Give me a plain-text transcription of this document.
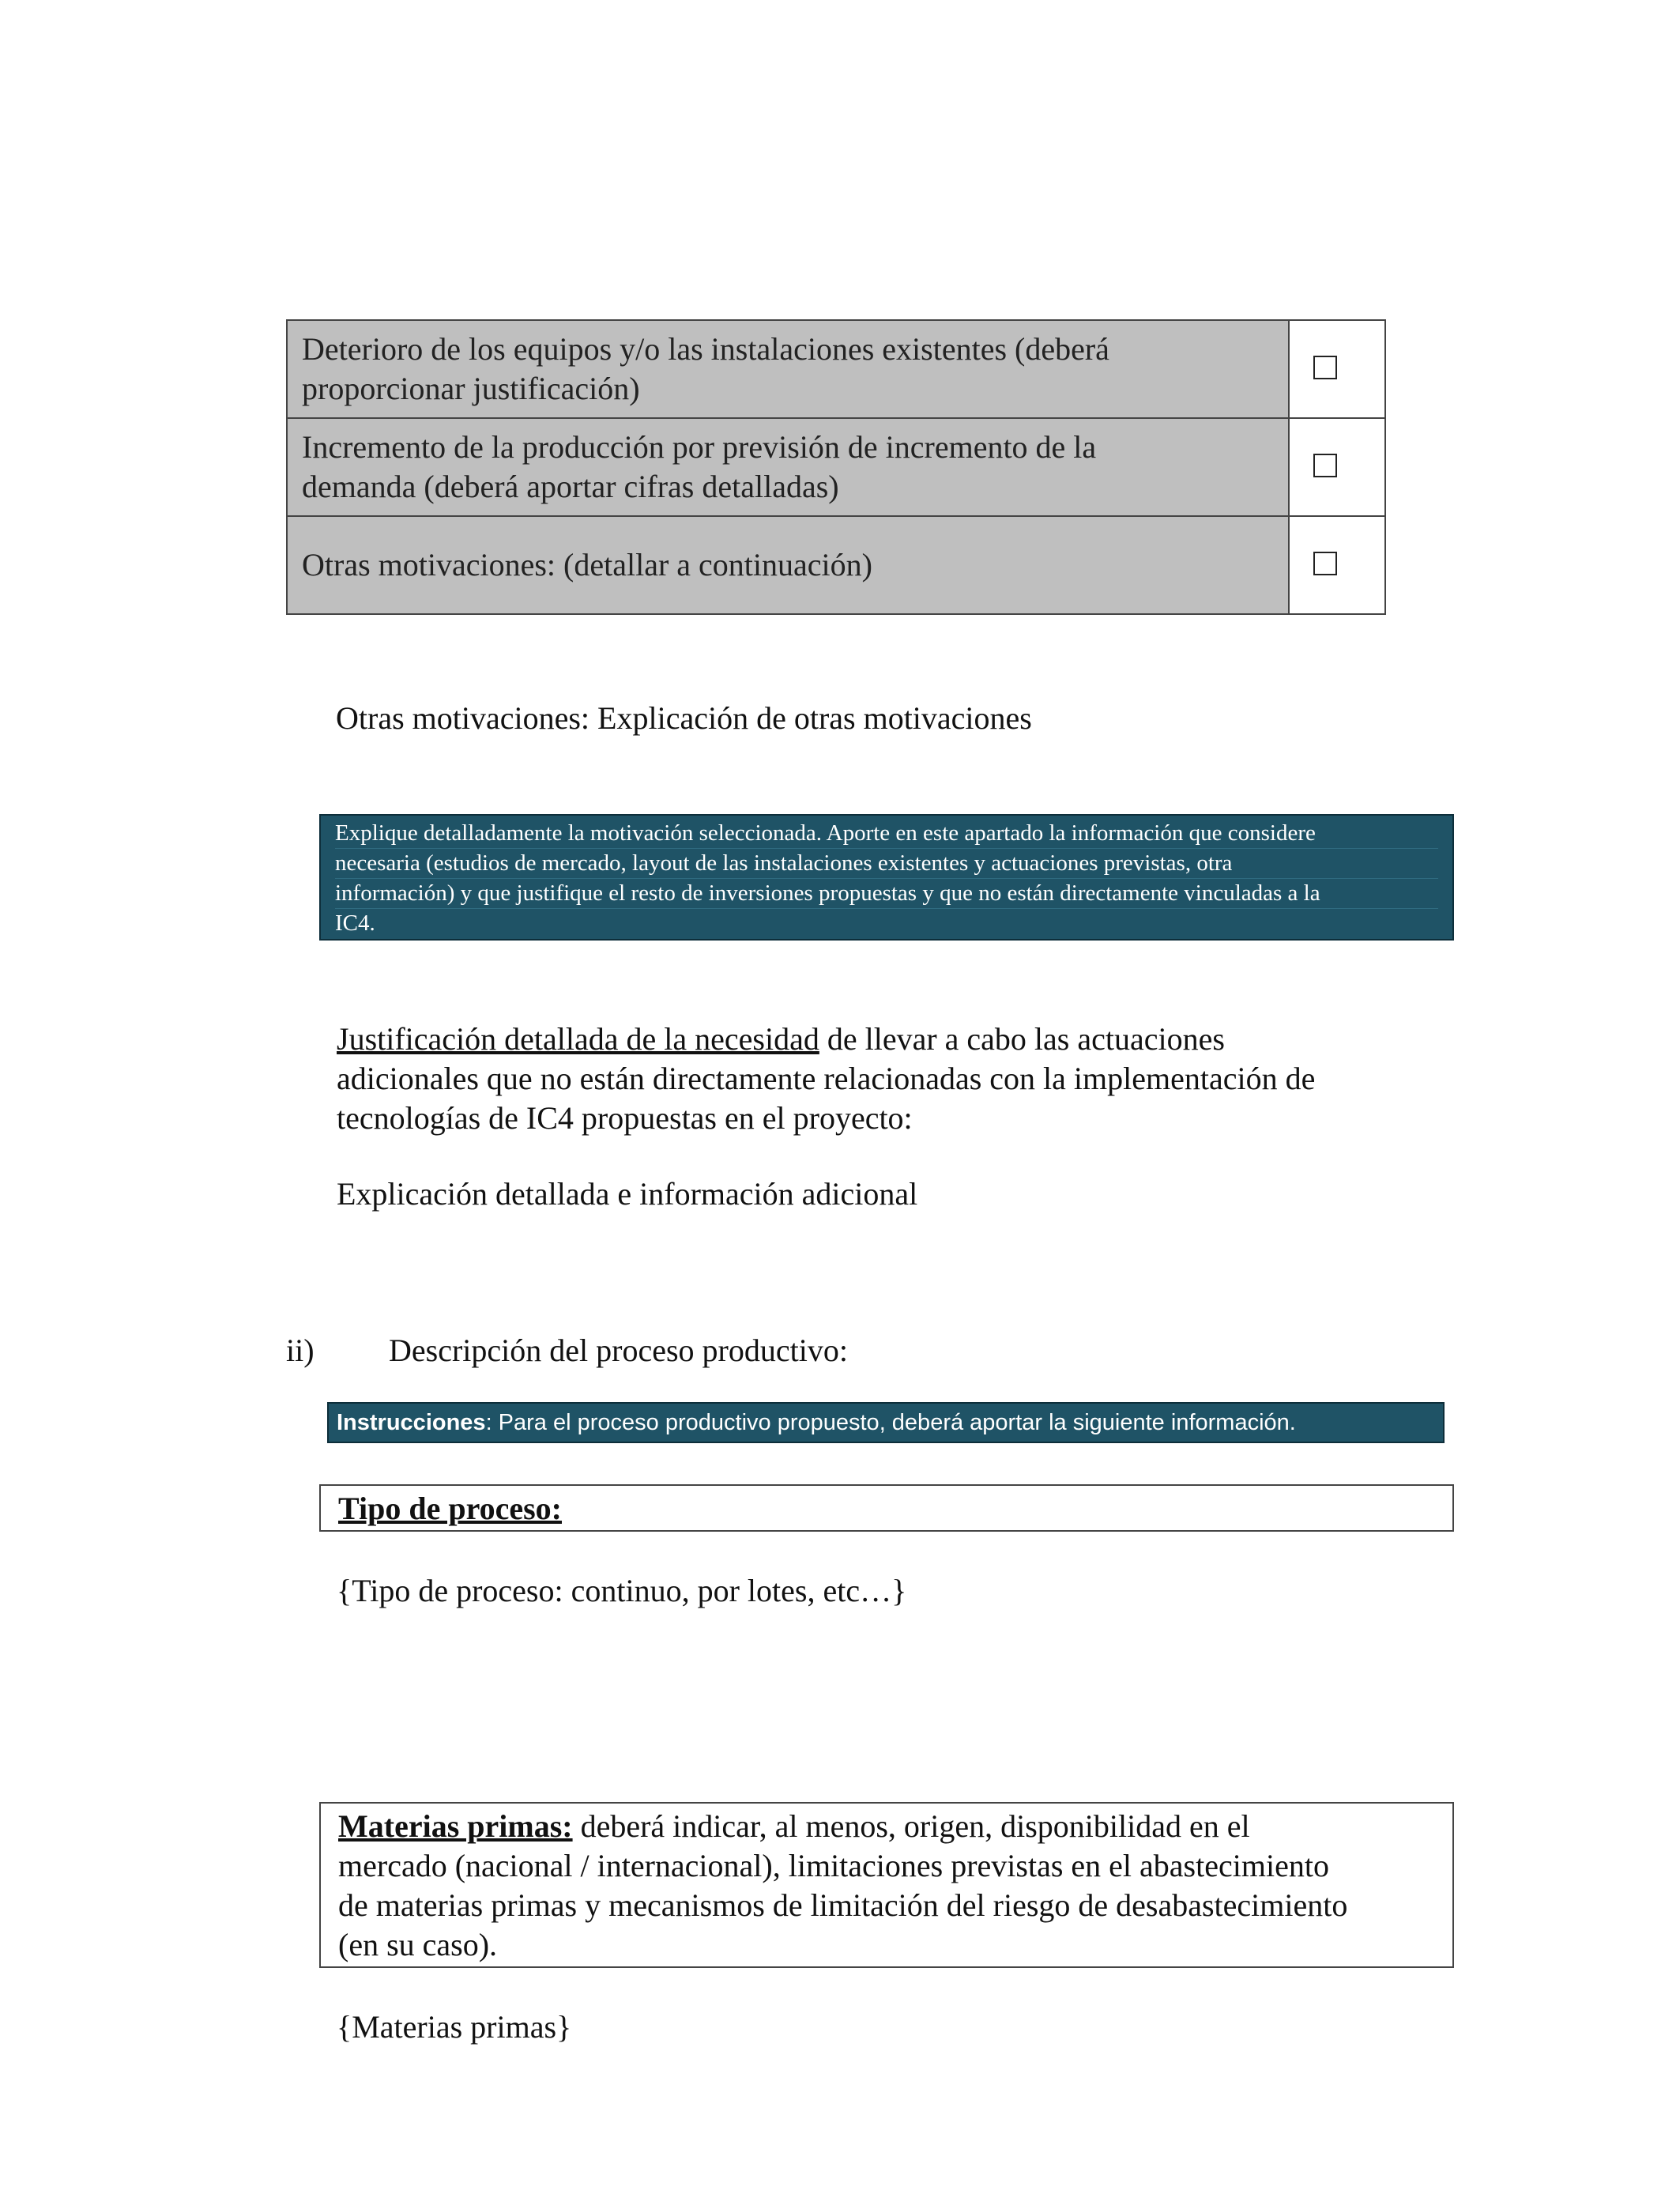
Deterioro de los equipos y/o las instalaciones existentes (deberá
proporcionar justificación)	

Incremento de la producción por previsión de incremento de la
demanda (deberá aportar cifras detalladas)	

Otras motivaciones: (detallar a continuación)	

Otras motivaciones: Explicación de otras motivaciones
Explique detalladamente la motivación seleccionada. Aporte en este apartado la información que considere
necesaria (estudios de mercado, layout de las instalaciones existentes y actuaciones previstas, otra
información) y que justifique el resto de inversiones propuestas y que no están directamente vinculadas a la
IC4.
Justificación detallada de la necesidad de llevar a cabo las actuaciones
adicionales que no están directamente relacionadas con la implementación de
tecnologías de IC4 propuestas en el proyecto:
Explicación detallada e información adicional
ii) Descripción del proceso productivo:
Instrucciones: Para el proceso productivo propuesto, deberá aportar la siguiente información.
Tipo de proceso:
{Tipo de proceso: continuo, por lotes, etc…}
Materias primas: deberá indicar, al menos, origen, disponibilidad en el
mercado (nacional / internacional), limitaciones previstas en el abastecimiento
de materias primas y mecanismos de limitación del riesgo de desabastecimiento
(en su caso).
{Materias primas}
